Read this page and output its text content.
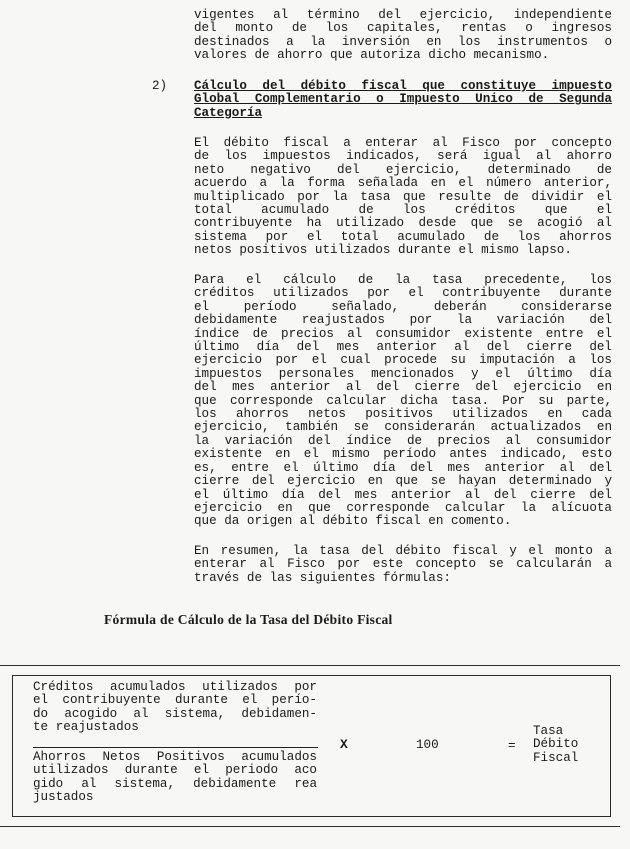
vigentes al término del ejercicio, independiente
del monto de los capitales, rentas o ingresos
destinados a la inversión en los instrumentos o
valores de ahorro que autoriza dicho mecanismo.
2) Cálculo del débito fiscal que constituye impuesto
Global Complementario o Impuesto Unico de Segunda
Categoría
El débito fiscal a enterar al Fisco por concepto
de los impuestos indicados, será igual al ahorro
neto negativo del ejercicio, determinado de
acuerdo a la forma señalada en el número anterior,
multiplicado por la tasa que resulte de dividir el
total acumulado de los créditos que el
contribuyente ha utilizado desde que se acogió al
sistema por el total acumulado de los ahorros
netos positivos utilizados durante el mismo lapso.
Para el cálculo de la tasa precedente, los
créditos utilizados por el contribuyente durante
el período señalado, deberán considerarse
debidamente reajustados por la variación del
índice de precios al consumidor existente entre el
último día del mes anterior al del cierre del
ejercicio por el cual procede su imputación a los
impuestos personales mencionados y el último día
del mes anterior al del cierre del ejercicio en
que corresponde calcular dicha tasa. Por su parte,
los ahorros netos positivos utilizados en cada
ejercicio, también se considerarán actualizados en
la variación del índice de precios al consumidor
existente en el mismo período antes indicado, esto
es, entre el último día del mes anterior al del
cierre del ejercicio en que se hayan determinado y
el último día del mes anterior al del cierre del
ejercicio en que corresponde calcular la alícuota
que da origen al débito fiscal en comento.
En resumen, la tasa del débito fiscal y el monto a
enterar al Fisco por este concepto se calcularán a
través de las siguientes fórmulas:
Fórmula de Cálculo de la Tasa del Débito Fiscal
Créditos acumulados utilizados por
el contribuyente durante el perío-
do acogido al sistema, debidamen-
te reajustados
Ahorros Netos Positivos acumulados
utilizados durante el periodo aco
gido al sistema, debidamente rea
justados
X	100	=
Tasa
Débito
Fiscal
